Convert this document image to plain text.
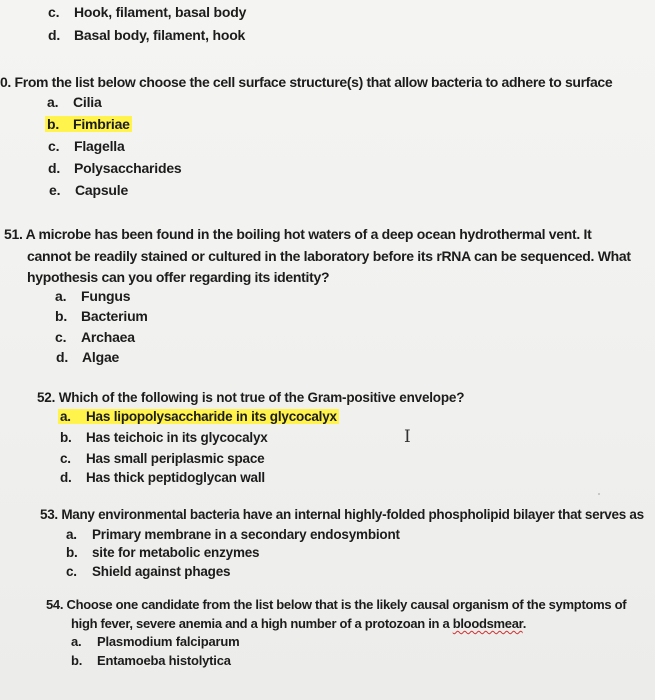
c. Hook, filament, basal body
d. Basal body, filament, hook
0. From the list below choose the cell surface structure(s) that allow bacteria to adhere to surface
a. Cilia
b. Fimbriae
c. Flagella
d. Polysaccharides
e. Capsule
51. A microbe has been found in the boiling hot waters of a deep ocean hydrothermal vent. It
cannot be readily stained or cultured in the laboratory before its rRNA can be sequenced. What
hypothesis can you offer regarding its identity?
a. Fungus
b. Bacterium
c. Archaea
d. Algae
52. Which of the following is not true of the Gram-positive envelope?
a. Has lipopolysaccharide in its glycocalyx
b. Has teichoic in its glycocalyx
c. Has small periplasmic space
d. Has thick peptidoglycan wall
I
53. Many environmental bacteria have an internal highly-folded phospholipid bilayer that serves as
a. Primary membrane in a secondary endosymbiont
b. site for metabolic enzymes
c. Shield against phages
54. Choose one candidate from the list below that is the likely causal organism of the symptoms of
high fever, severe anemia and a high number of a protozoan in a bloodsmear.
a. Plasmodium falciparum
b. Entamoeba histolytica
